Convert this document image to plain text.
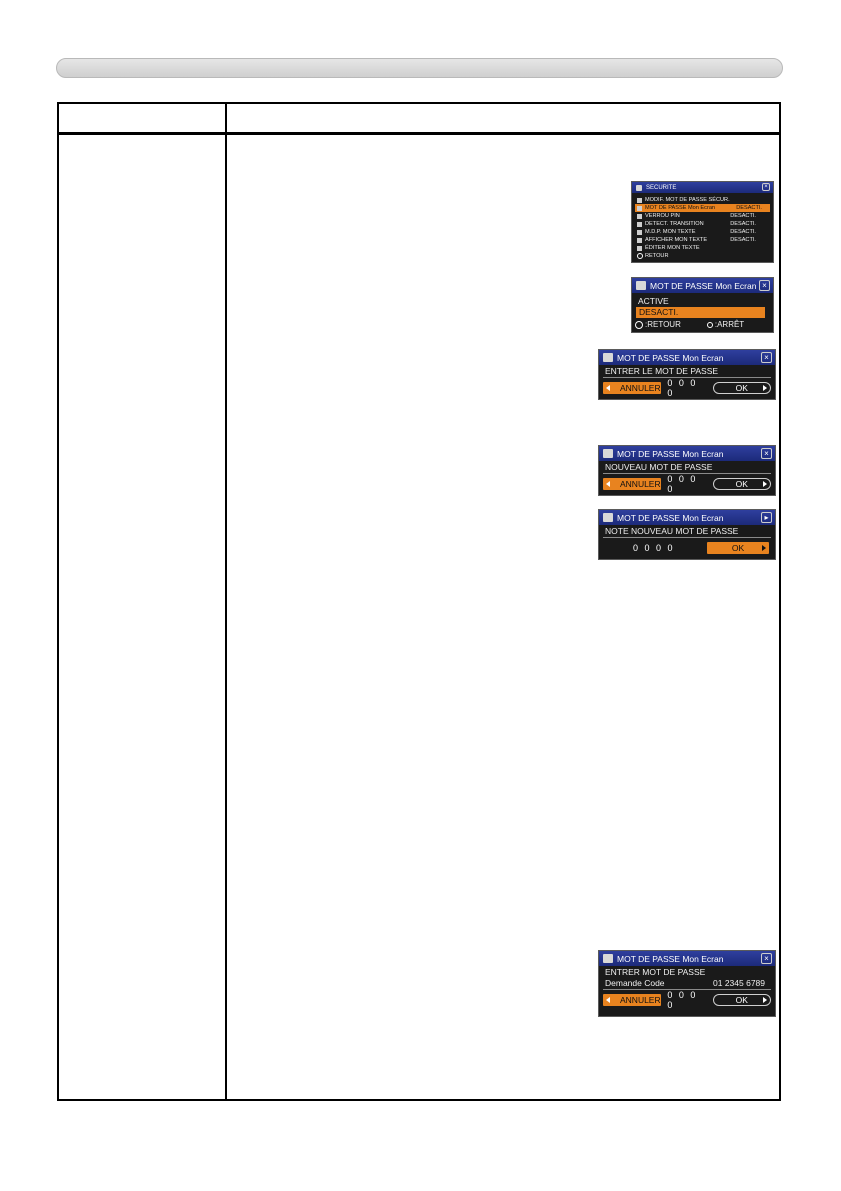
SECURITE	×
MODIF. MOT DE PASSE SÉCUR.
MOT DE PASSE Mon Ecran	DESACTI.
VERROU PIN	DESACTI.
DETECT. TRANSITION	DESACTI.
M.D.P. MON TEXTE	DESACTI.
AFFICHER MON TEXTE	DESACTI.
ÉDITER MON TEXTE
RETOUR
MOT DE PASSE Mon Ecran ×
ACTIVE
DESACTI.
:RETOUR	:ARRÊT
MOT DE PASSE Mon Ecran	×
ENTRER LE MOT DE PASSE
ANNULER 0 0 0 0
OK
MOT DE PASSE Mon Ecran	×
NOUVEAU MOT DE PASSE
ANNULER 0 0 0 0
OK
MOT DE PASSE Mon Ecran	▸
NOTE NOUVEAU MOT DE PASSE
0 0 0 0	OK
MOT DE PASSE Mon Ecran	×
ENTRER MOT DE PASSE
Demande Code	01 2345 6789
ANNULER 0 0 0 0
OK
